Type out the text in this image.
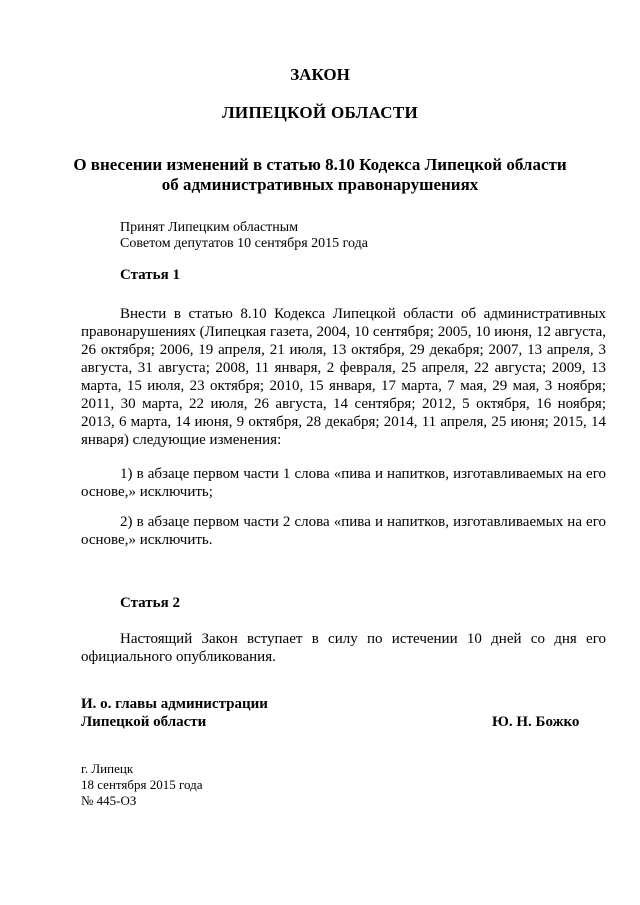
ЗАКОН
ЛИПЕЦКОЙ ОБЛАСТИ
О внесении изменений в статью 8.10 Кодекса Липецкой области
об административных правонарушениях
Принят Липецким областным
Советом депутатов 10 сентября 2015 года
Статья 1
Внести в статью 8.10 Кодекса Липецкой области об административных правонарушениях (Липецкая газета, 2004, 10 сентября; 2005, 10 июня, 12 августа, 26 октября; 2006, 19 апреля, 21 июля, 13 октября, 29 декабря; 2007, 13 апреля, 3 августа, 31 августа; 2008, 11 января, 2 февраля, 25 апреля, 22 августа; 2009, 13 марта, 15 июля, 23 октября; 2010, 15 января, 17 марта, 7 мая, 29 мая, 3 ноября; 2011, 30 марта, 22 июля, 26 августа, 14 сентября; 2012, 5 октября, 16 ноября; 2013, 6 марта, 14 июня, 9 октября, 28 декабря; 2014, 11 апреля, 25 июня; 2015, 14 января) следующие изменения:
1) в абзаце первом части 1 слова «пива и напитков, изготавливаемых на его основе,» исключить;
2) в абзаце первом части 2 слова «пива и напитков, изготавливаемых на его основе,» исключить.
Статья 2
Настоящий Закон вступает в силу по истечении 10 дней со дня его официального опубликования.
И. о. главы администрации
Липецкой области	Ю. Н. Божко
г. Липецк
18 сентября 2015 года
№ 445-ОЗ
